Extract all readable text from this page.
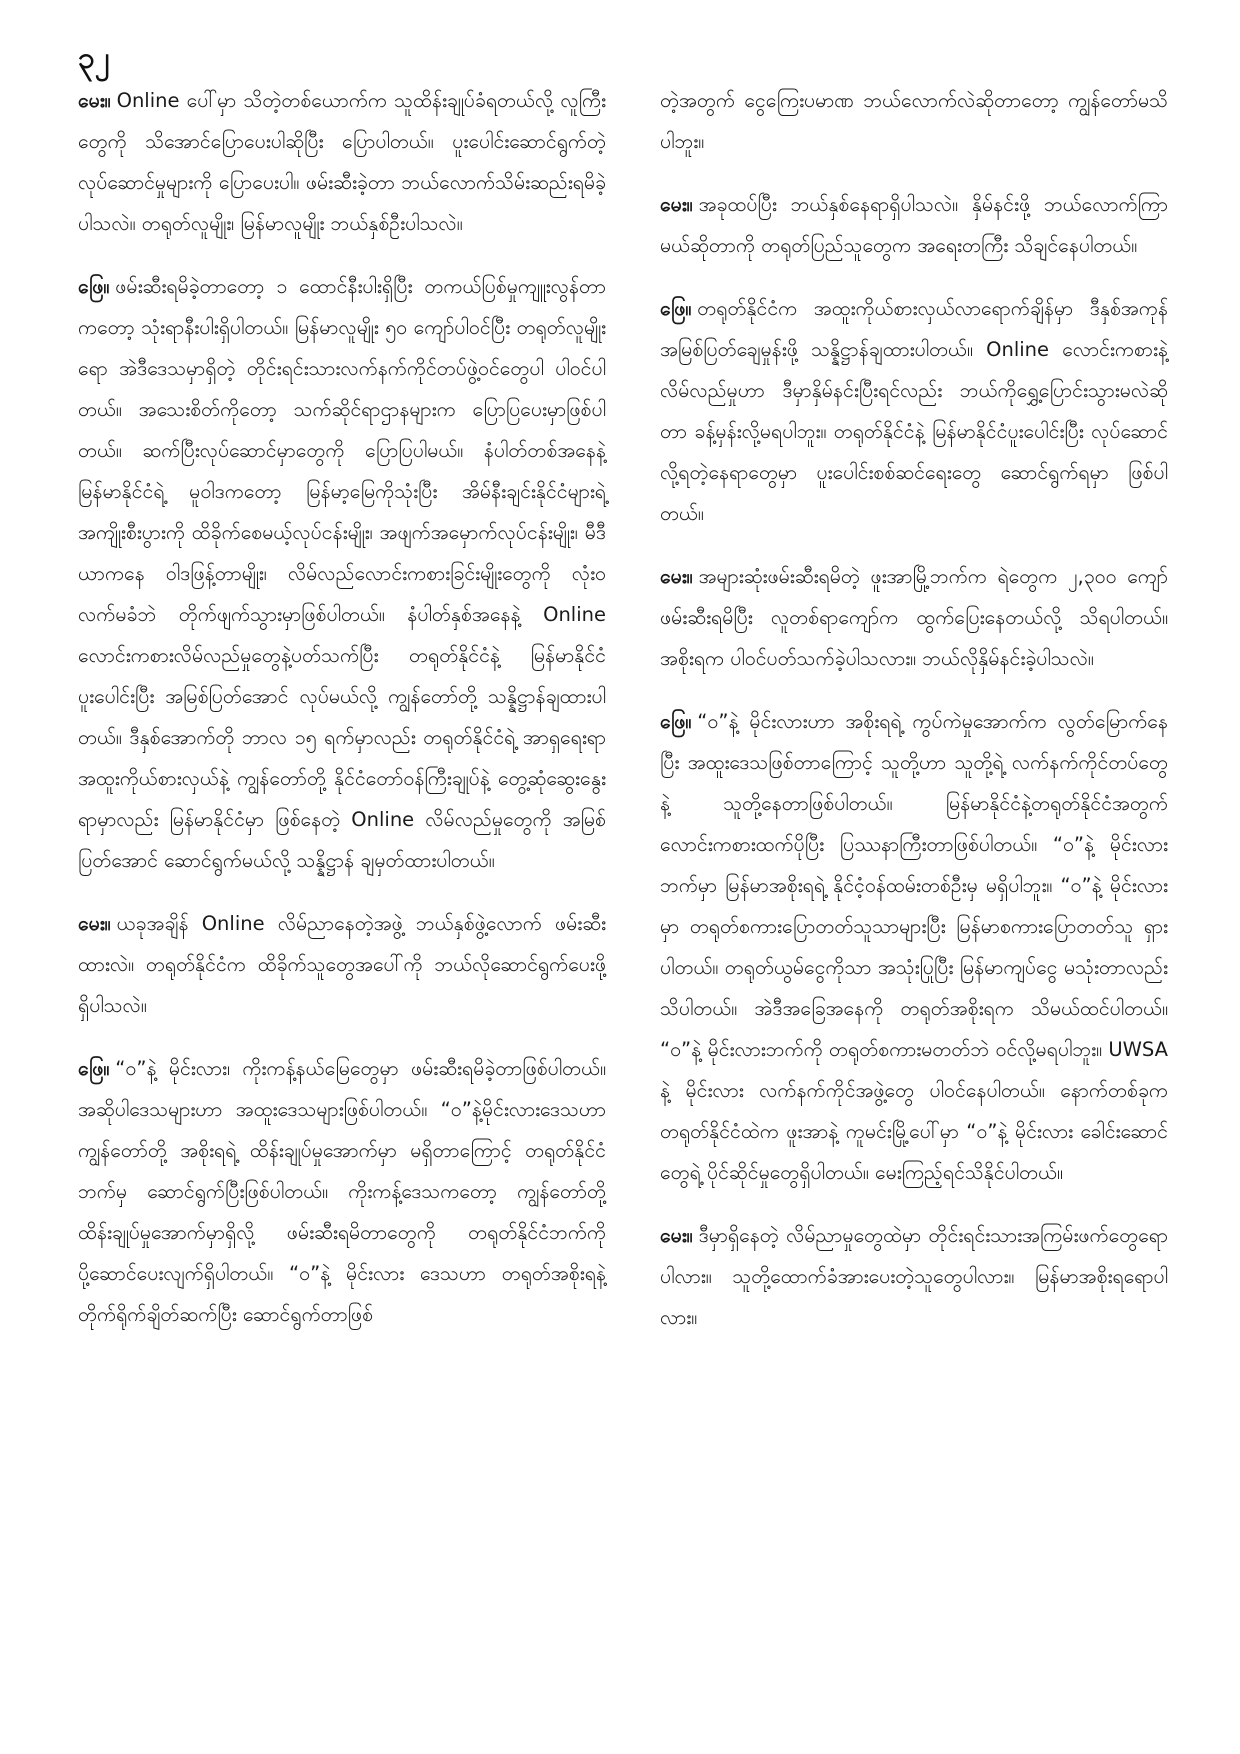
၃၂

မေး။ Online ပေါ်မှာ သိတဲ့တစ်ယောက်က သူထိန်းချုပ်ခံရတယ်လို့ လူကြီးတွေကို သိအောင်ပြောပေးပါဆိုပြီး ပြောပါတယ်။ ပူးပေါင်းဆောင်ရွက်တဲ့ လုပ်ဆောင်မှုများကို ပြောပေးပါ။ ဖမ်းဆီးခဲ့တာ ဘယ်လောက်သိမ်းဆည်းရမိခဲ့ပါသလဲ။ တရုတ်လူမျိုး၊ မြန်မာလူမျိုး ဘယ်နှစ်ဦးပါသလဲ။

ဖြေ။ ဖမ်းဆီးရမိခဲ့တာတော့ ၁ ထောင်နီးပါးရှိပြီး တကယ်ပြစ်မှုကျူးလွန်တာကတော့ သုံးရာနီးပါးရှိပါတယ်။ မြန်မာလူမျိုး ၅၀ ကျော်ပါဝင်ပြီး တရုတ်လူမျိုးရော အဲဒီဒေသမှာရှိတဲ့ တိုင်းရင်းသားလက်နက်ကိုင်တပ်ဖွဲ့ဝင်တွေပါ ပါဝင်ပါတယ်။ အသေးစိတ်ကိုတော့ သက်ဆိုင်ရာဌာနများက ပြောပြပေးမှာဖြစ်ပါတယ်။ ဆက်ပြီးလုပ်ဆောင်မှာတွေကို ပြောပြပါမယ်။ နံပါတ်တစ်အနေနဲ့ မြန်မာနိုင်ငံရဲ့ မူဝါဒကတော့ မြန်မာ့မြေကိုသုံးပြီး အိမ်နီးချင်းနိုင်ငံများရဲ့ အကျိုးစီးပွားကို ထိခိုက်စေမယ့်လုပ်ငန်းမျိုး၊ အဖျက်အမှောက်လုပ်ငန်းမျိုး၊ မီဒီယာကနေ ဝါဒဖြန့်တာမျိုး၊ လိမ်လည်လောင်းကစားခြင်းမျိုးတွေကို လုံးဝလက်မခံဘဲ တိုက်ဖျက်သွားမှာဖြစ်ပါတယ်။ နံပါတ်နှစ်အနေနဲ့ Online လောင်းကစားလိမ်လည်မှုတွေနဲ့ပတ်သက်ပြီး တရုတ်နိုင်ငံနဲ့ မြန်မာနိုင်ငံ ပူးပေါင်းပြီး အမြစ်ပြတ်အောင် လုပ်မယ်လို့ ကျွန်တော်တို့ သန္နိဋ္ဌာန်ချထားပါတယ်။ ဒီနှစ်အောက်တို ဘာလ ၁၅ ရက်မှာလည်း တရုတ်နိုင်ငံရဲ့ အာရှရေးရာအထူးကိုယ်စားလှယ်နဲ့ ကျွန်တော်တို့ နိုင်ငံတော်ဝန်ကြီးချုပ်နဲ့ တွေ့ဆုံဆွေးနွေးရာမှာလည်း မြန်မာနိုင်ငံမှာ ဖြစ်နေတဲ့ Online လိမ်လည်မှုတွေကို အမြစ်ပြတ်အောင် ဆောင်ရွက်မယ်လို့ သန္နိဋ္ဌာန် ချမှတ်ထားပါတယ်။

မေး။ ယခုအချိန် Online လိမ်ညာနေတဲ့အဖွဲ့ ဘယ်နှစ်ဖွဲ့လောက် ဖမ်းဆီးထားလဲ။ တရုတ်နိုင်ငံက ထိခိုက်သူတွေအပေါ်ကို ဘယ်လိုဆောင်ရွက်ပေးဖို့ ရှိပါသလဲ။

ဖြေ။ “ဝ”နဲ့ မိုင်းလား၊ ကိုးကန့်နယ်မြေတွေမှာ ဖမ်းဆီးရမိခဲ့တာဖြစ်ပါတယ်။ အဆိုပါဒေသများဟာ အထူးဒေသများဖြစ်ပါတယ်။ “ဝ”နဲ့မိုင်းလားဒေသဟာ ကျွန်တော်တို့ အစိုးရရဲ့ ထိန်းချုပ်မှုအောက်မှာ မရှိတာကြောင့် တရုတ်နိုင်ငံဘက်မှ ဆောင်ရွက်ပြီးဖြစ်ပါတယ်။ ကိုးကန့်ဒေသကတော့ ကျွန်တော်တို့ ထိန်းချုပ်မှုအောက်မှာရှိလို့ ဖမ်းဆီးရမိတာတွေကို တရုတ်နိုင်ငံဘက်ကို ပို့ဆောင်ပေးလျက်ရှိပါတယ်။ “ဝ”နဲ့ မိုင်းလား ဒေသဟာ တရုတ်အစိုးရနဲ့ တိုက်ရိုက်ချိတ်ဆက်ပြီး ဆောင်ရွက်တာဖြစ်

တဲ့အတွက် ငွေကြေးပမာဏ ဘယ်လောက်လဲဆိုတာတော့ ကျွန်တော်မသိပါဘူး။

မေး။ အခုထပ်ပြီး ဘယ်နှစ်နေရာရှိပါသလဲ။ နှိမ်နင်းဖို့ ဘယ်လောက်ကြာမယ်ဆိုတာကို တရုတ်ပြည်သူတွေက အရေးတကြီး သိချင်နေပါတယ်။

ဖြေ။ တရုတ်နိုင်ငံက အထူးကိုယ်စားလှယ်လာရောက်ချိန်မှာ ဒီနှစ်အကုန် အမြစ်ပြတ်ချေမှုန်းဖို့ သန္နိဋ္ဌာန်ချထားပါတယ်။ Online လောင်းကစားနဲ့ လိမ်လည်မှုဟာ ဒီမှာနှိမ်နင်းပြီးရင်လည်း ဘယ်ကိုရွှေ့ပြောင်းသွားမလဲဆိုတာ ခန့်မှန်းလို့မရပါဘူး။ တရုတ်နိုင်ငံနဲ့ မြန်မာနိုင်ငံပူးပေါင်းပြီး လုပ်ဆောင်လို့ရတဲ့နေရာတွေမှာ ပူးပေါင်းစစ်ဆင်ရေးတွေ ဆောင်ရွက်ရမှာ ဖြစ်ပါတယ်။

မေး။ အများဆုံးဖမ်းဆီးရမိတဲ့ ဖူးအာမြို့ဘက်က ရဲတွေက ၂,၃၀၀ ကျော်ဖမ်းဆီးရမိပြီး လူတစ်ရာကျော်က ထွက်ပြေးနေတယ်လို့ သိရပါတယ်။ အစိုးရက ပါဝင်ပတ်သက်ခဲ့ပါသလား။ ဘယ်လိုနှိမ်နင်းခဲ့ပါသလဲ။

ဖြေ။ “ဝ”နဲ့ မိုင်းလားဟာ အစိုးရရဲ့ ကွပ်ကဲမှုအောက်က လွတ်မြောက်နေပြီး အထူးဒေသဖြစ်တာကြောင့် သူတို့ဟာ သူတို့ရဲ့ လက်နက်ကိုင်တပ်တွေနဲ့ သူတို့နေတာဖြစ်ပါတယ်။ မြန်မာနိုင်ငံနဲ့တရုတ်နိုင်ငံအတွက် လောင်းကစားထက်ပိုပြီး ပြဿနာကြီးတာဖြစ်ပါတယ်။ “ဝ”နဲ့ မိုင်းလားဘက်မှာ မြန်မာအစိုးရရဲ့ နိုင်ငံ့ဝန်ထမ်းတစ်ဦးမှ မရှိပါဘူး။ “ဝ”နဲ့ မိုင်းလားမှာ တရုတ်စကားပြောတတ်သူသာများပြီး မြန်မာစကားပြောတတ်သူ ရှားပါတယ်။ တရုတ်ယွမ်ငွေကိုသာ အသုံးပြုပြီး မြန်မာကျပ်ငွေ မသုံးတာလည်း သိပါတယ်။ အဲဒီအခြေအနေကို တရုတ်အစိုးရက သိမယ်ထင်ပါတယ်။ “ဝ”နဲ့ မိုင်းလားဘက်ကို တရုတ်စကားမတတ်ဘဲ ဝင်လို့မရပါဘူး။ UWSA နဲ့ မိုင်းလား လက်နက်ကိုင်အဖွဲ့တွေ ပါဝင်နေပါတယ်။ နောက်တစ်ခုက တရုတ်နိုင်ငံထဲက ဖူးအာနဲ့ ကူမင်းမြို့ပေါ်မှာ “ဝ”နဲ့ မိုင်းလား ခေါင်းဆောင်တွေရဲ့ ပိုင်ဆိုင်မှုတွေရှိပါတယ်။ မေးကြည့်ရင်သိနိုင်ပါတယ်။

မေး။ ဒီမှာရှိနေတဲ့ လိမ်ညာမှုတွေထဲမှာ တိုင်းရင်းသားအကြမ်းဖက်တွေရောပါလား။ သူတို့ထောက်ခံအားပေးတဲ့သူတွေပါလား။ မြန်မာအစိုးရရောပါလား။
